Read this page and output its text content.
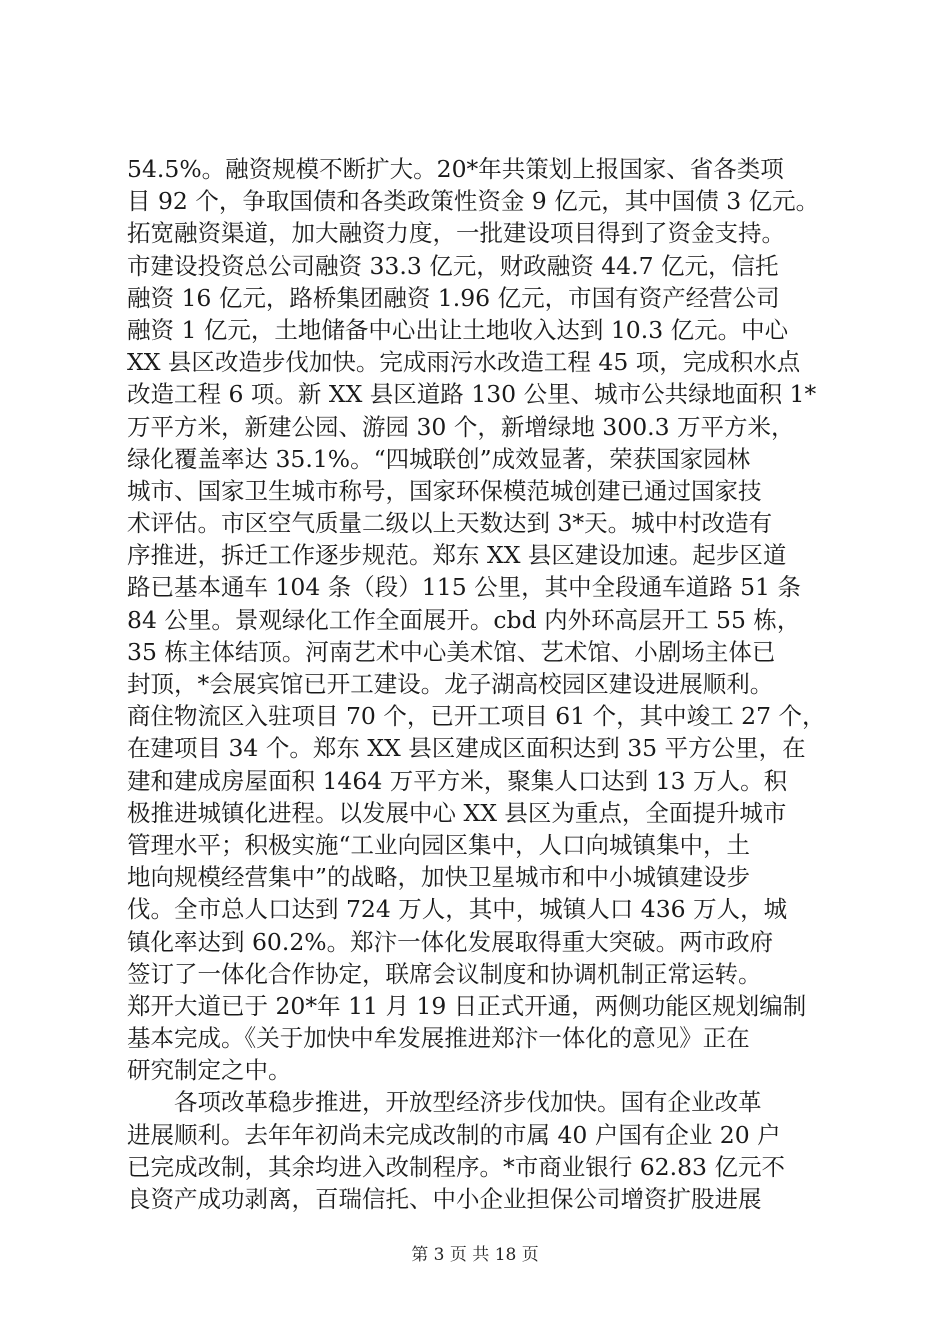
54.5%。融资规模不断扩大。20*年共策划上报国家、省各类项
目 92 个，争取国债和各类政策性资金 9 亿元，其中国债 3 亿元。
拓宽融资渠道，加大融资力度，一批建设项目得到了资金支持。
市建设投资总公司融资 33.3 亿元，财政融资 44.7 亿元，信托
融资 16 亿元，路桥集团融资 1.96 亿元，市国有资产经营公司
融资 1 亿元，土地储备中心出让土地收入达到 10.3 亿元。中心
XX 县区改造步伐加快。完成雨污水改造工程 45 项，完成积水点
改造工程 6 项。新 XX 县区道路 130 公里、城市公共绿地面积 1*
万平方米，新建公园、游园 30 个，新增绿地 300.3 万平方米，
绿化覆盖率达 35.1%。“四城联创”成效显著，荣获国家园林
城市、国家卫生城市称号，国家环保模范城创建已通过国家技
术评估。市区空气质量二级以上天数达到 3*天。城中村改造有
序推进，拆迁工作逐步规范。郑东 XX 县区建设加速。起步区道
路已基本通车 104 条（段）115 公里，其中全段通车道路 51 条
84 公里。景观绿化工作全面展开。cbd 内外环高层开工 55 栋，
35 栋主体结顶。河南艺术中心美术馆、艺术馆、小剧场主体已
封顶，*会展宾馆已开工建设。龙子湖高校园区建设进展顺利。
商住物流区入驻项目 70 个，已开工项目 61 个，其中竣工 27 个，
在建项目 34 个。郑东 XX 县区建成区面积达到 35 平方公里，在
建和建成房屋面积 1464 万平方米，聚集人口达到 13 万人。积
极推进城镇化进程。以发展中心 XX 县区为重点，全面提升城市
管理水平；积极实施“工业向园区集中，人口向城镇集中，土
地向规模经营集中”的战略，加快卫星城市和中小城镇建设步
伐。全市总人口达到 724 万人，其中，城镇人口 436 万人，城
镇化率达到 60.2%。郑汴一体化发展取得重大突破。两市政府
签订了一体化合作协定，联席会议制度和协调机制正常运转。
郑开大道已于 20*年 11 月 19 日正式开通，两侧功能区规划编制
基本完成。《关于加快中牟发展推进郑汴一体化的意见》正在
研究制定之中。
　　各项改革稳步推进，开放型经济步伐加快。国有企业改革
进展顺利。去年年初尚未完成改制的市属 40 户国有企业 20 户
已完成改制，其余均进入改制程序。*市商业银行 62.83 亿元不
良资产成功剥离，百瑞信托、中小企业担保公司增资扩股进展
第 3 页 共 18 页
